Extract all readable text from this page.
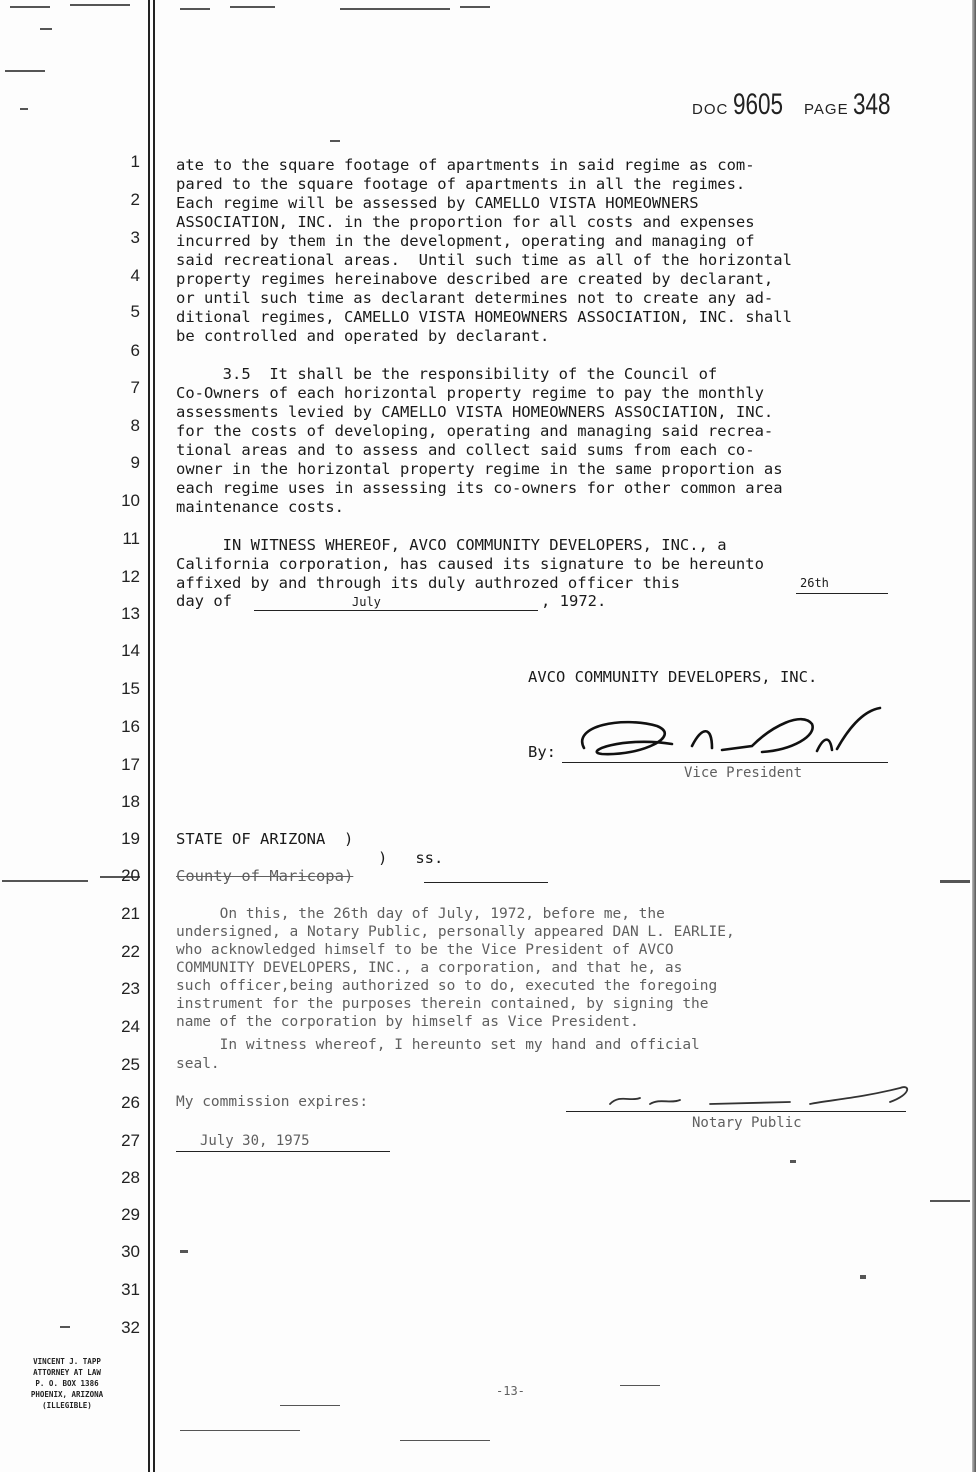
DOC 9605 PAGE 348
1
2
3
4
5
6
7
8
9
10
11
12
13
14
15
16
17
18
19
20
21
22
23
24
25
26
27
28
29
30
31
32
ate to the square footage of apartments in said regime as com-
pared to the square footage of apartments in all the regimes.
Each regime will be assessed by CAMELLO VISTA HOMEOWNERS
ASSOCIATION, INC. in the proportion for all costs and expenses
incurred by them in the development, operating and managing of
said recreational areas.  Until such time as all of the horizontal
property regimes hereinabove described are created by declarant,
or until such time as declarant determines not to create any ad-
ditional regimes, CAMELLO VISTA HOMEOWNERS ASSOCIATION, INC. shall
be controlled and operated by declarant.
3.5  It shall be the responsibility of the Council of
Co-Owners of each horizontal property regime to pay the monthly
assessments levied by CAMELLO VISTA HOMEOWNERS ASSOCIATION, INC.
for the costs of developing, operating and managing said recrea-
tional areas and to assess and collect said sums from each co-
owner in the horizontal property regime in the same proportion as
each regime uses in assessing its co-owners for other common area
maintenance costs.
IN WITNESS WHEREOF, AVCO COMMUNITY DEVELOPERS, INC., a
California corporation, has caused its signature to be hereunto
affixed by and through its duly authrozed officer this	26th
day of	July	, 1972.
AVCO COMMUNITY DEVELOPERS, INC.
By:
Vice President
STATE OF ARIZONA  )
)   ss.
County of Maricopa)
On this, the 26th day of July, 1972, before me, the
undersigned, a Notary Public, personally appeared DAN L. EARLIE,
who acknowledged himself to be the Vice President of AVCO
COMMUNITY DEVELOPERS, INC., a corporation, and that he, as
such officer,being authorized so to do, executed the foregoing
instrument for the purposes therein contained, by signing the
name of the corporation by himself as Vice President.
In witness whereof, I hereunto set my hand and official
seal.
My commission expires:
Notary Public
July 30, 1975
-13-
VINCENT J. TAPP
ATTORNEY AT LAW
P. O. BOX 1386
PHOENIX, ARIZONA
(ILLEGIBLE)
